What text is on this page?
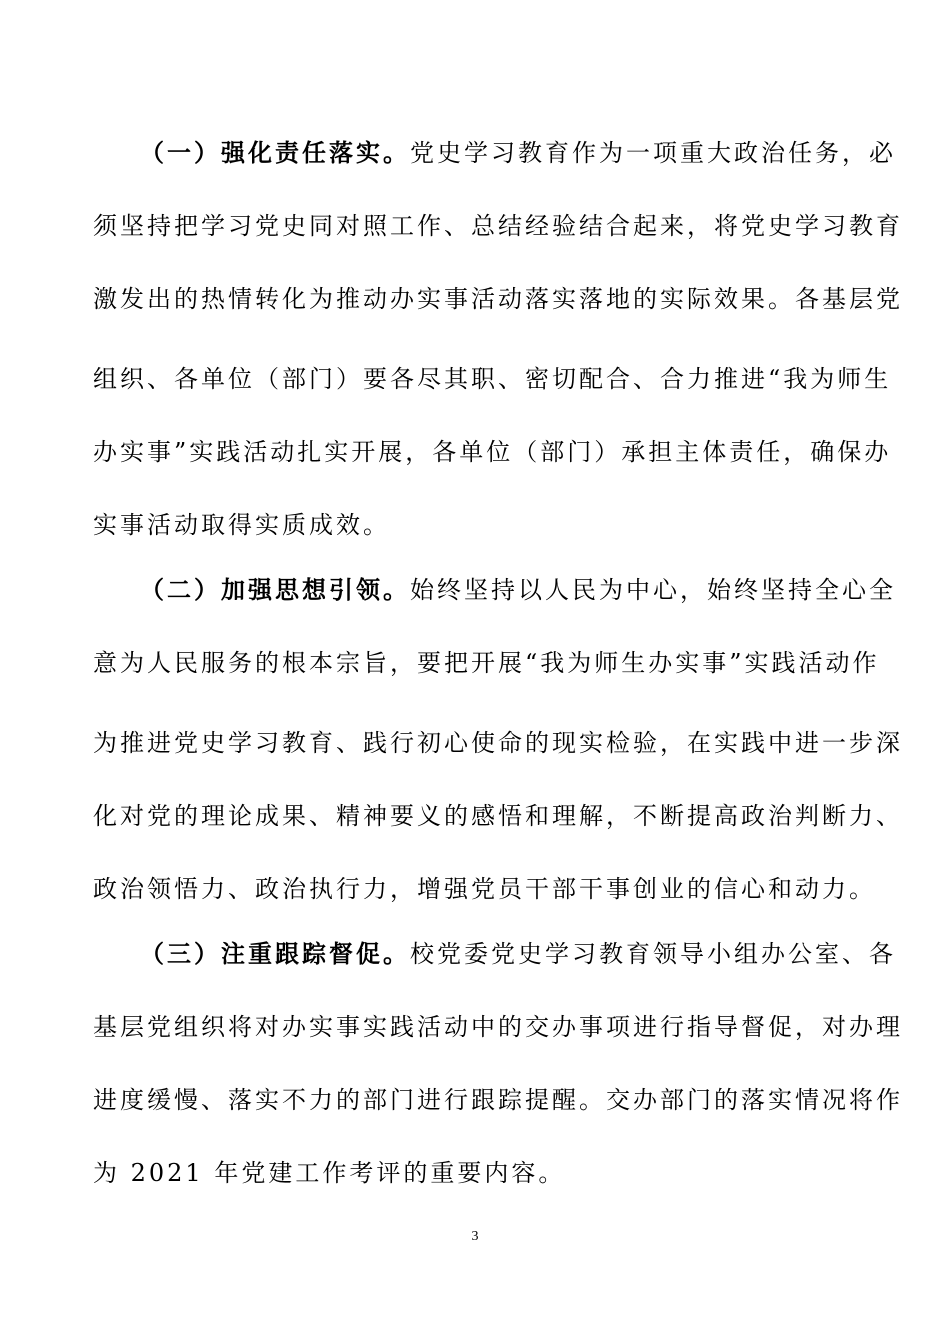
（一）强化责任落实。党史学习教育作为一项重大政治任务，必
须坚持把学习党史同对照工作、总结经验结合起来，将党史学习教育
激发出的热情转化为推动办实事活动落实落地的实际效果。各基层党
组织、各单位（部门）要各尽其职、密切配合、合力推进“我为师生
办实事”实践活动扎实开展，各单位（部门）承担主体责任，确保办
实事活动取得实质成效。
（二）加强思想引领。始终坚持以人民为中心，始终坚持全心全
意为人民服务的根本宗旨，要把开展“我为师生办实事”实践活动作
为推进党史学习教育、践行初心使命的现实检验，在实践中进一步深
化对党的理论成果、精神要义的感悟和理解，不断提高政治判断力、
政治领悟力、政治执行力，增强党员干部干事创业的信心和动力。
（三）注重跟踪督促。校党委党史学习教育领导小组办公室、各
基层党组织将对办实事实践活动中的交办事项进行指导督促，对办理
进度缓慢、落实不力的部门进行跟踪提醒。交办部门的落实情况将作
为 2021 年党建工作考评的重要内容。
3
